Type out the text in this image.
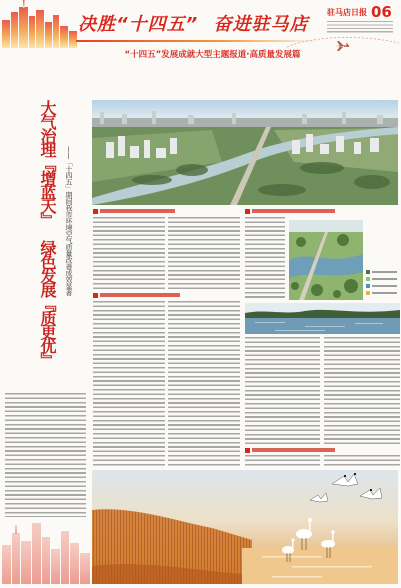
决胜“十四五” 奋进驻马店
驻马店日报 06
“十四五”发展成就大型主题报道·高质量发展篇
大气治理『增蓝天』
绿色发展『质更优』
——「十四五」期间我市环境空气质量改善成效显著
